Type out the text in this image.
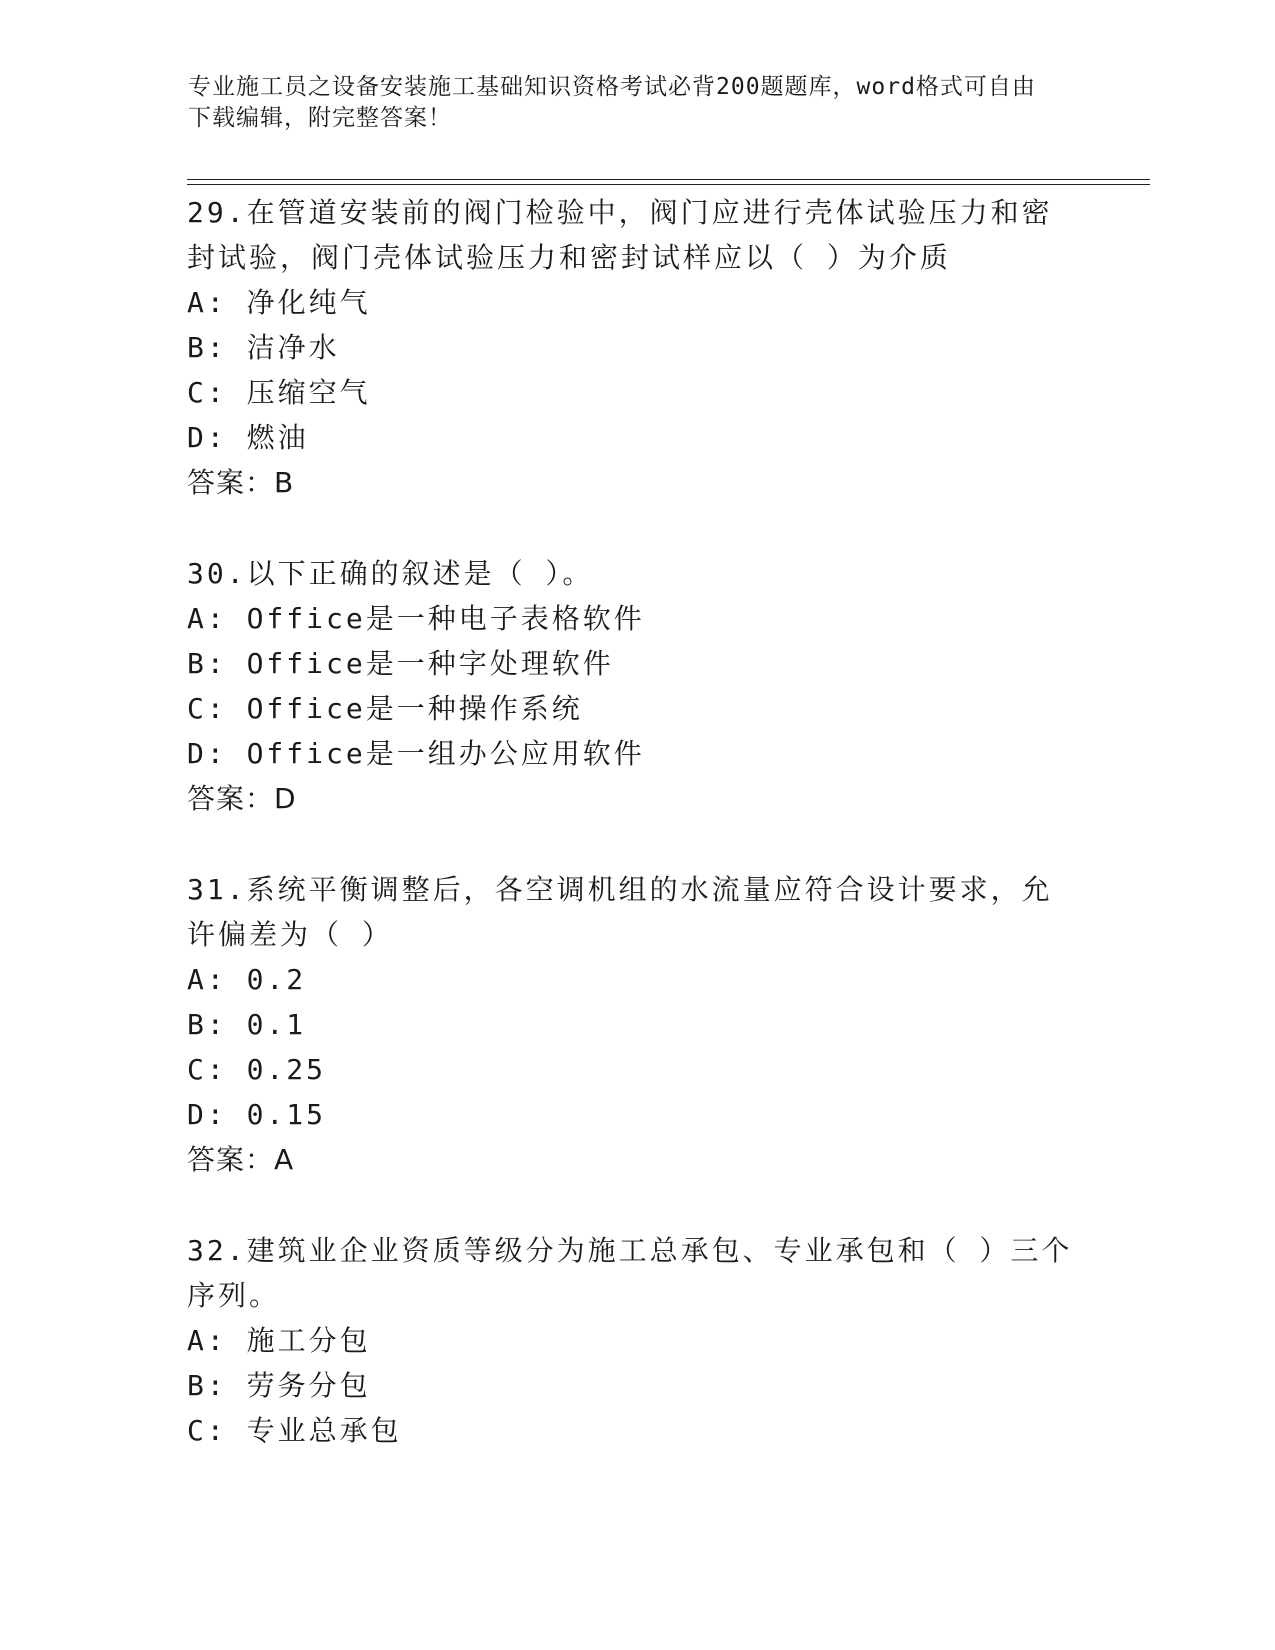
专业施工员之设备安装施工基础知识资格考试必背200题题库，word格式可自由
下载编辑，附完整答案！
29.在管道安装前的阀门检验中，阀门应进行壳体试验压力和密封试验，阀门壳体试验压力和密封试样应以（ ）为介质
A: 净化纯气
B: 洁净水
C: 压缩空气
D: 燃油
答案：B
30.以下正确的叙述是（ ）。
A: Office是一种电子表格软件
B: Office是一种字处理软件
C: Office是一种操作系统
D: Office是一组办公应用软件
答案：D
31.系统平衡调整后，各空调机组的水流量应符合设计要求，允许偏差为（ ）
A: 0.2
B: 0.1
C: 0.25
D: 0.15
答案：A
32.建筑业企业资质等级分为施工总承包、专业承包和（ ）三个序列。
A: 施工分包
B: 劳务分包
C: 专业总承包
